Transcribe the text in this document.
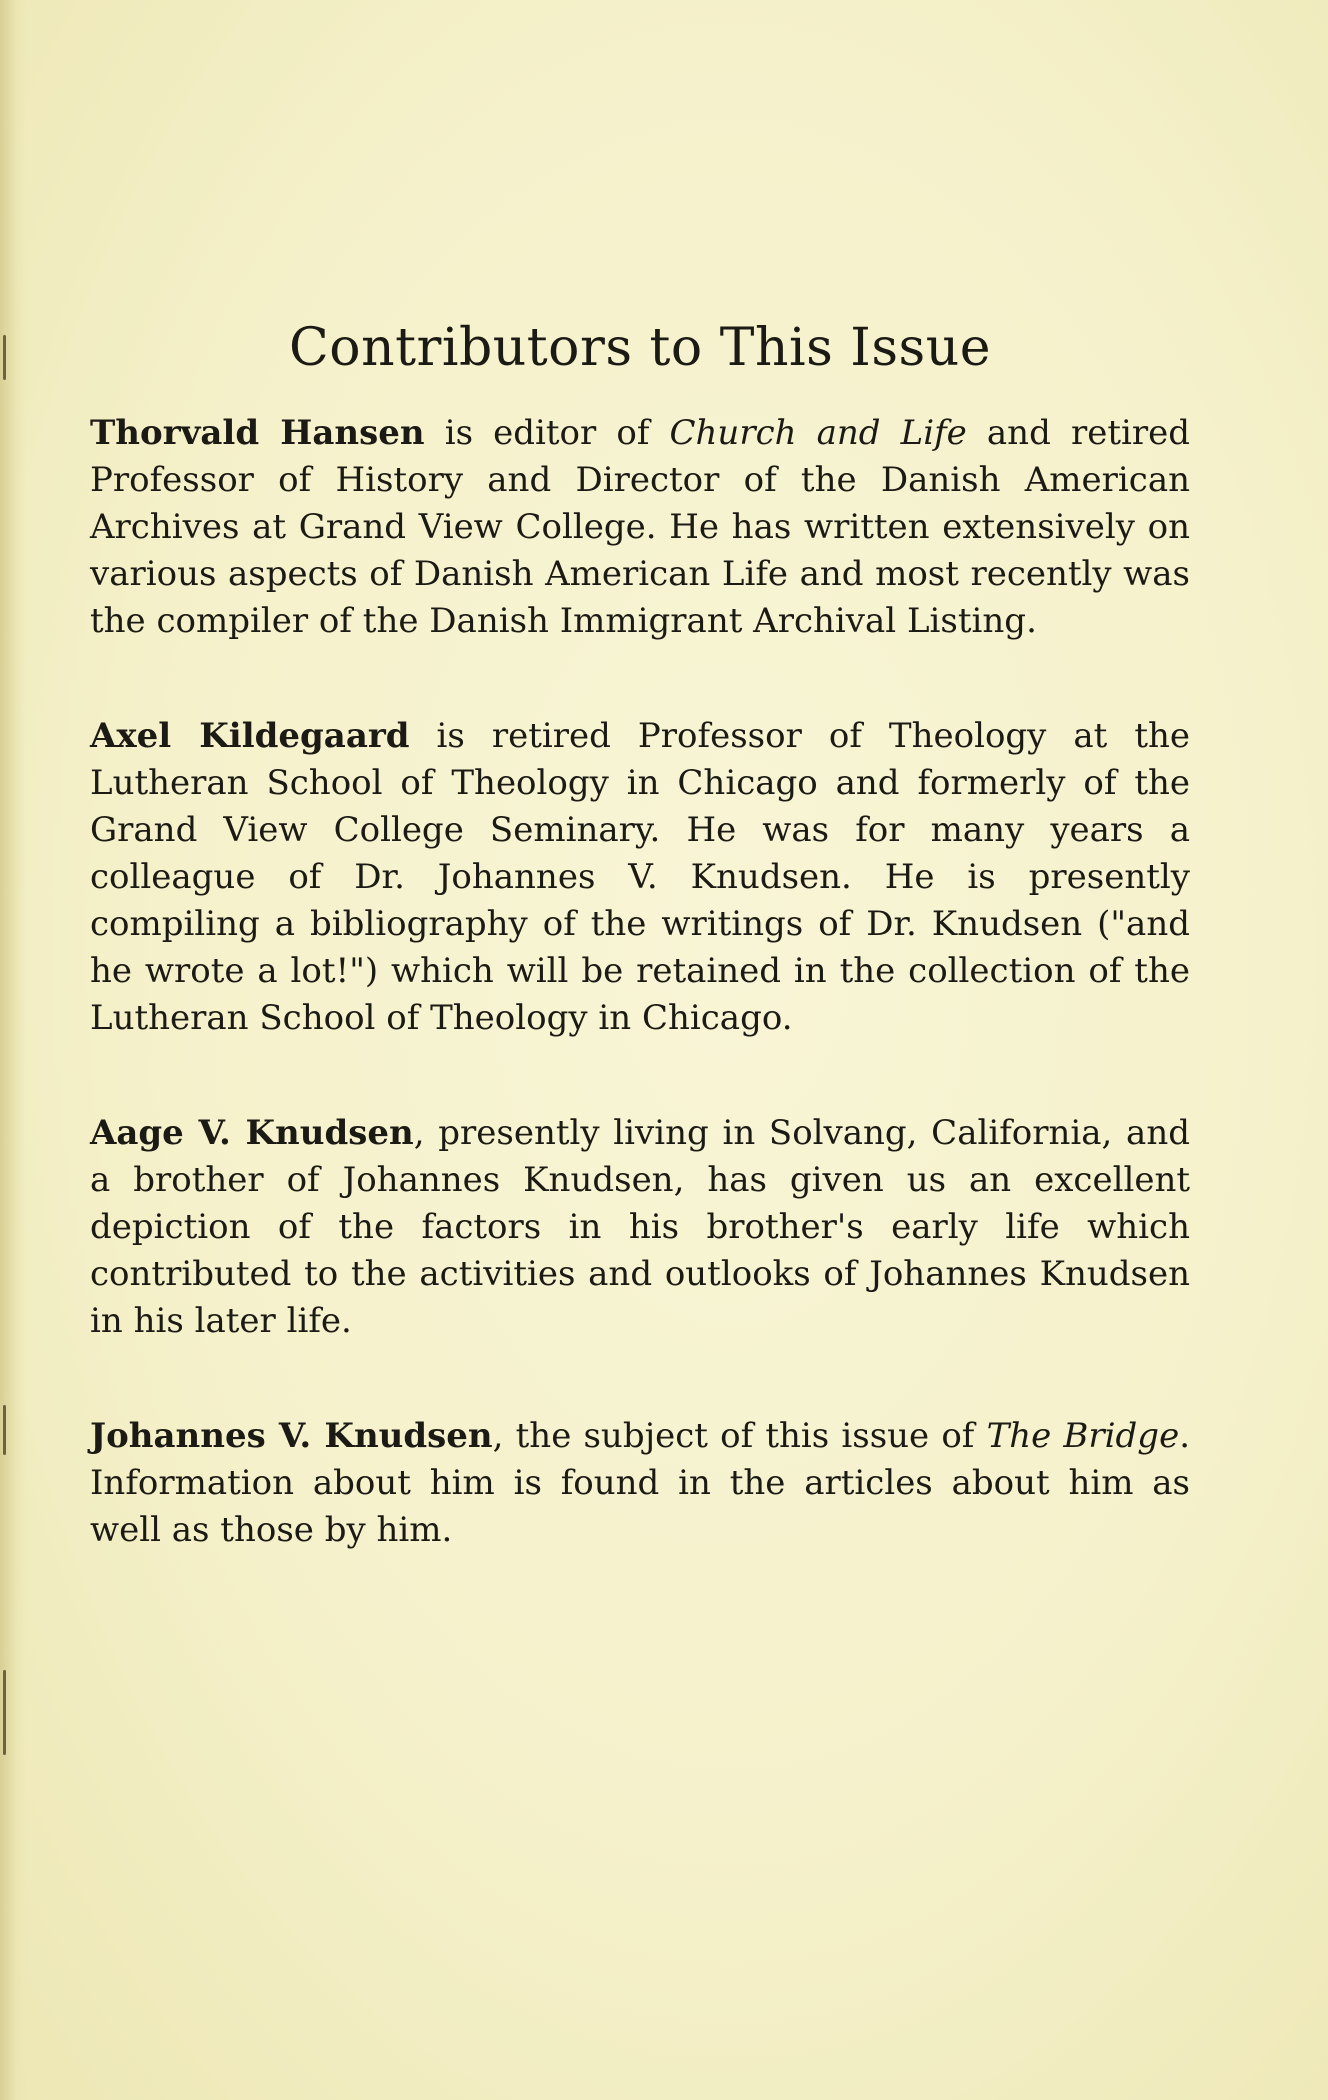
Contributors to This Issue

Thorvald Hansen is editor of Church and Life and retired Professor of History and Director of the Danish American Archives at Grand View College. He has written extensively on various aspects of Danish American Life and most recently was the compiler of the Danish Immigrant Archival Listing.

Axel Kildegaard is retired Professor of Theology at the Lutheran School of Theology in Chicago and formerly of the Grand View College Seminary. He was for many years a colleague of Dr. Johannes V. Knudsen. He is presently compiling a bibliography of the writings of Dr. Knudsen ("and he wrote a lot!") which will be retained in the collection of the Lutheran School of Theology in Chicago.

Aage V. Knudsen, presently living in Solvang, California, and a brother of Johannes Knudsen, has given us an excellent depiction of the factors in his brother's early life which contributed to the activities and outlooks of Johannes Knudsen in his later life.

Johannes V. Knudsen, the subject of this issue of The Bridge. Information about him is found in the articles about him as well as those by him.
